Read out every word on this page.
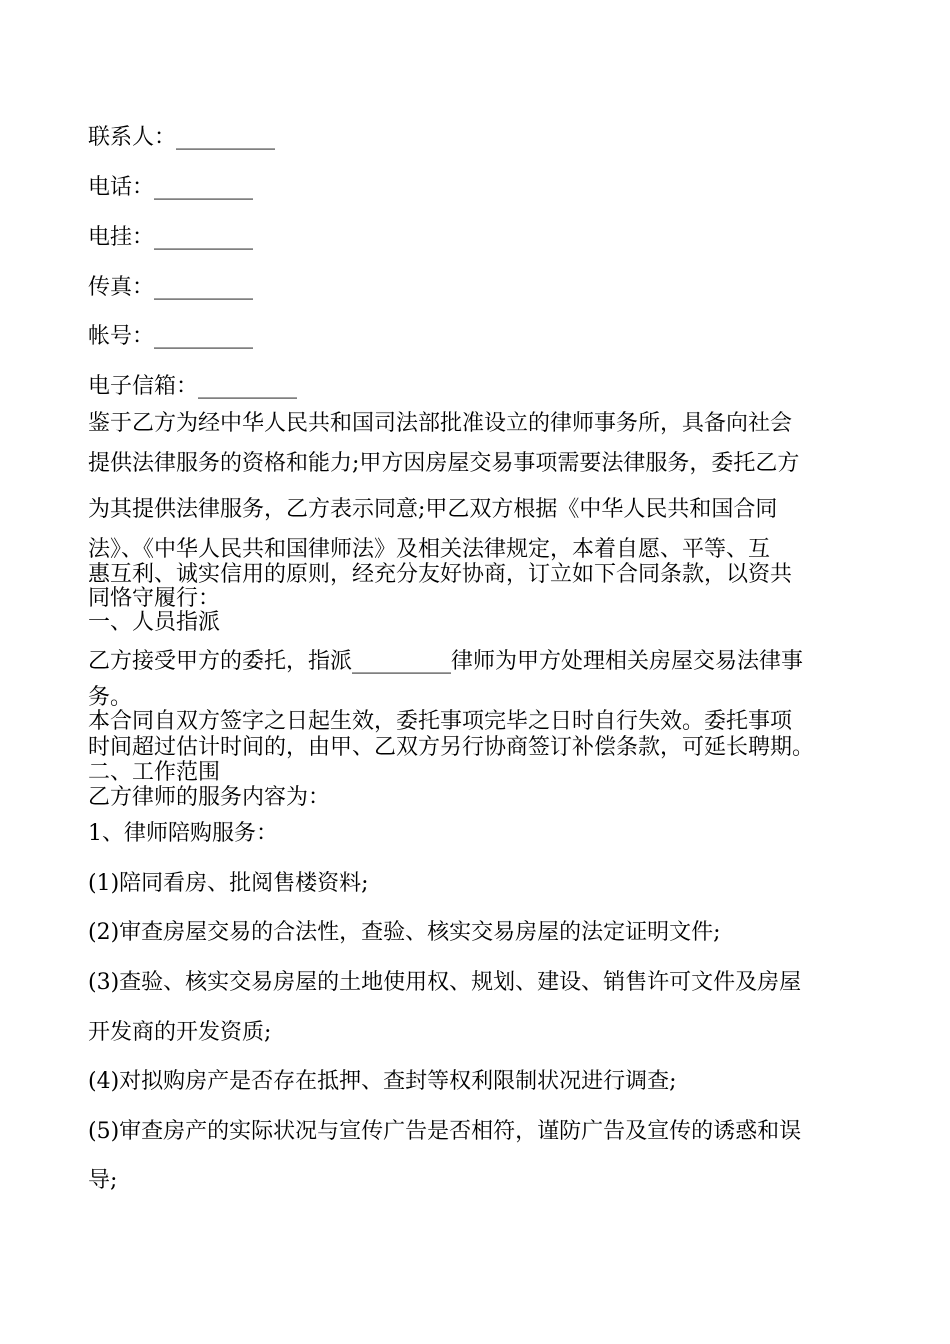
联系人：_________
电话：_________
电挂：_________
传真：_________
帐号：_________
电子信箱：_________
鉴于乙方为经中华人民共和国司法部批准设立的律师事务所，具备向社会
提供法律服务的资格和能力;甲方因房屋交易事项需要法律服务，委托乙方
为其提供法律服务，乙方表示同意;甲乙双方根据《中华人民共和国合同
法》、《中华人民共和国律师法》及相关法律规定，本着自愿、平等、互
惠互利、诚实信用的原则，经充分友好协商，订立如下合同条款，以资共
同恪守履行：
一、人员指派
乙方接受甲方的委托，指派_________律师为甲方处理相关房屋交易法律事
务。
本合同自双方签字之日起生效，委托事项完毕之日时自行失效。委托事项
时间超过估计时间的，由甲、乙双方另行协商签订补偿条款，可延长聘期。
二、工作范围
乙方律师的服务内容为：
1、律师陪购服务：
(1)陪同看房、批阅售楼资料;
(2)审查房屋交易的合法性，查验、核实交易房屋的法定证明文件;
(3)查验、核实交易房屋的土地使用权、规划、建设、销售许可文件及房屋
开发商的开发资质;
(4)对拟购房产是否存在抵押、查封等权利限制状况进行调查;
(5)审查房产的实际状况与宣传广告是否相符，谨防广告及宣传的诱惑和误
导;
